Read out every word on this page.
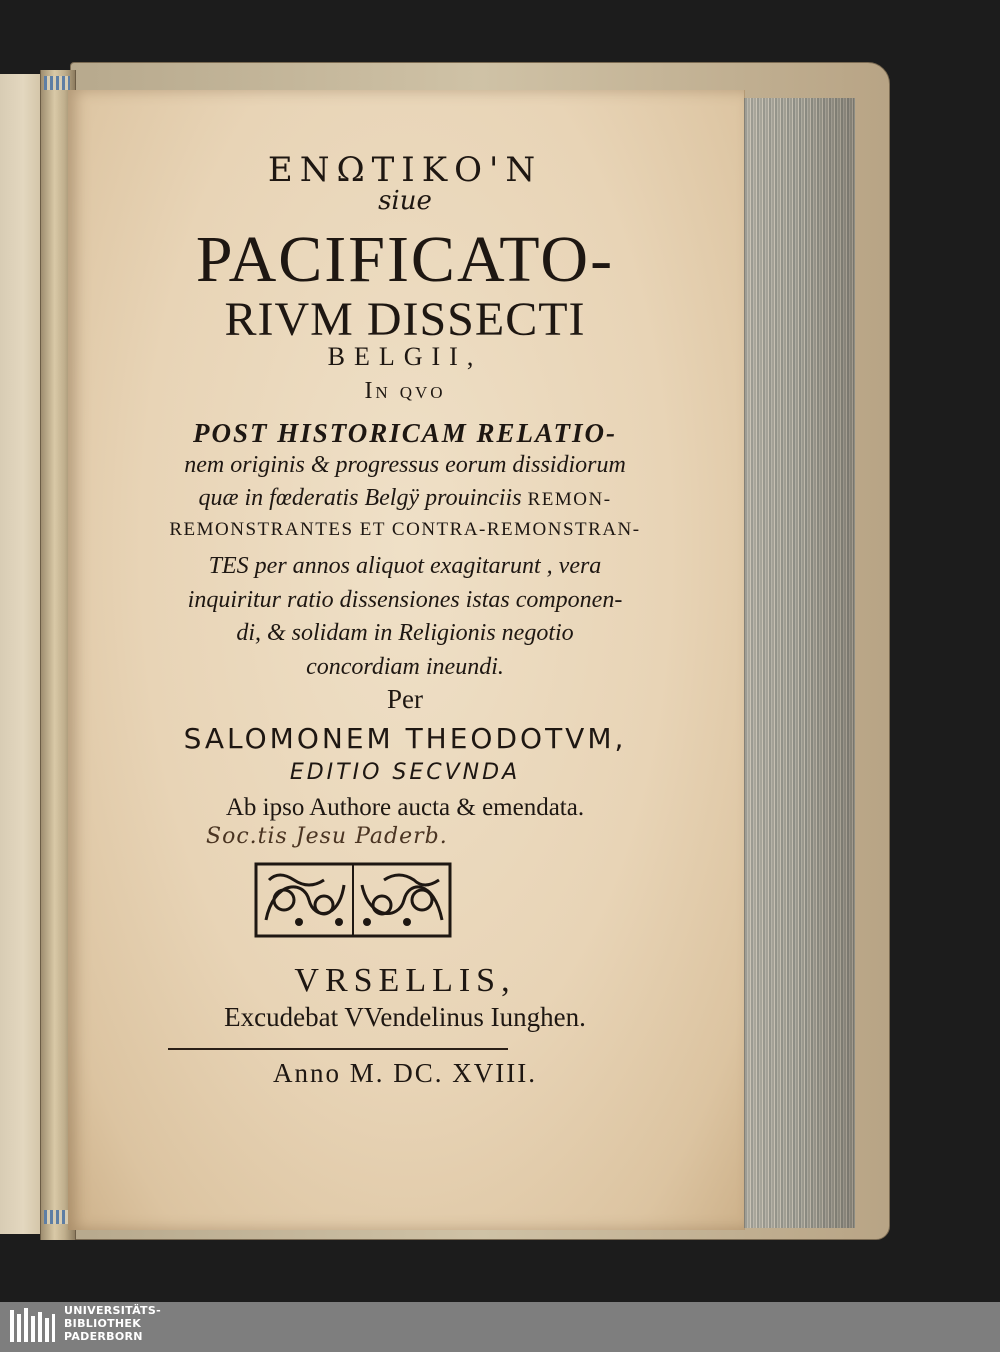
ΕΝΩΤΙΚΟ'Ν

siue

PACIFICATO-

RIVM DISSECTI

BELGII,

In qvo

POST HISTORICAM RELATIO-

nem originis & progressus eorum dissidiorum

quæ in fœderatis Belgÿ prouinciis REMON-

REMONSTRANTES ET CONTRA-REMONSTRAN-

TES per annos aliquot exagitarunt , vera

inquiritur ratio dissensiones istas componen-

di, & solidam in Religionis negotio

concordiam ineundi.

Per

SALOMONEM THEODOTVM,

EDITIO SECVNDA

Ab ipso Authore aucta & emendata.

Soc.tis Jesu Paderb.

VRSELLIS,

Excudebat VVendelinus Iunghen.

Anno M. DC. XVIII.

UNIVERSITÄTS-
BIBLIOTHEK
PADERBORN
